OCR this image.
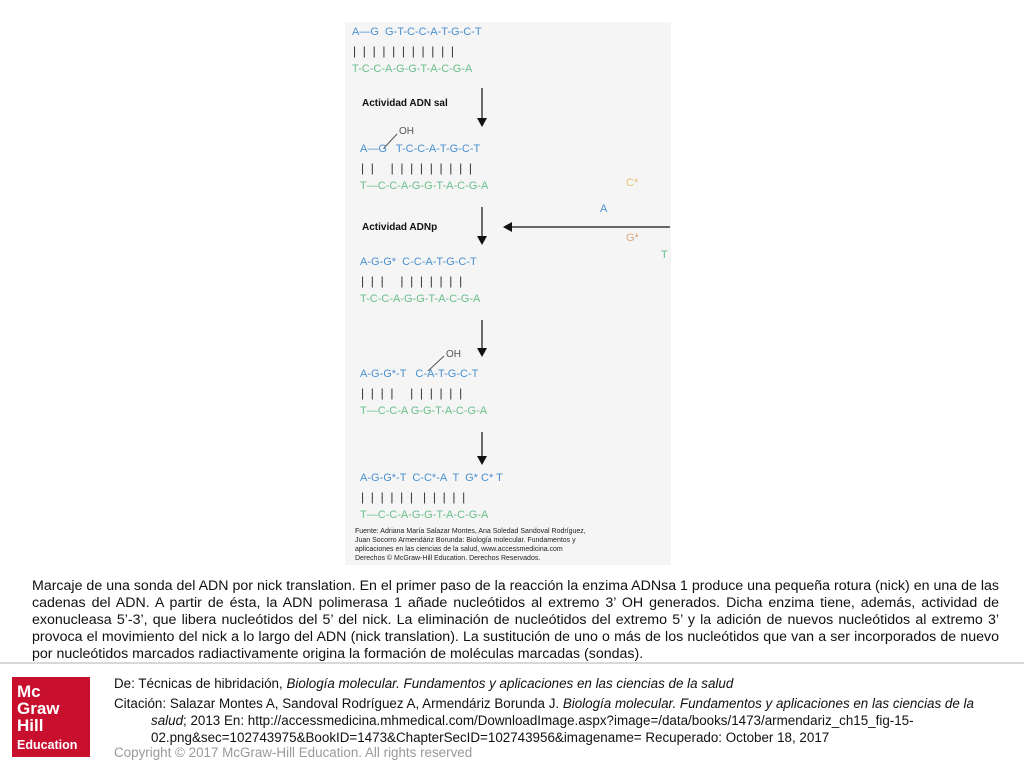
A—G  G-T-C-C-A-T-G-C-T
|  |  |  |  |  |  |  |  |  |  |
T-C-C-A-G-G-T-A-C-G-A
Actividad ADN sal
OH
A—G   T-C-C-A-T-G-C-T
|  |     |  |  |  |  |  |  |  |  |
T—C-C-A-G-G-T-A-C-G-A
Actividad ADNp
C*
A
G*
T
A-G-G*  C-C-A-T-G-C-T
|  |  |     |  |  |  |  |  |  |
T-C-C-A-G-G-T-A-C-G-A
OH
A-G-G*-T   C-A-T-G-C-T
|  |  |  |     |  |  |  |  |  |
T—C-C-A G-G-T-A-C-G-A
A-G-G*-T  C-C*-A  T  G* C* T
|  |  |  |  |  |   |  |  |  |  |
T—C-C-A-G-G-T-A-C-G-A
Fuente: Adriana María Salazar Montes, Ana Soledad Sandoval Rodríguez,
Juan Socorro Armendáriz Borunda: Biología molecular. Fundamentos y
aplicaciones en las ciencias de la salud, www.accessmedicina.com
Derechos © McGraw-Hill Education. Derechos Reservados.
Marcaje de una sonda del ADN por nick translation. En el primer paso de la reacción la enzima ADNsa 1 produce una pequeña rotura (nick) en una de las cadenas del ADN. A partir de ésta, la ADN polimerasa 1 añade nucleótidos al extremo 3’ OH generados. Dicha enzima tiene, además, actividad de exonucleasa 5’-3’, que libera nucleótidos del 5’ del nick. La eliminación de nucleótidos del extremo 5’ y la adición de nuevos nucleótidos al extremo 3’ provoca el movimiento del nick a lo largo del ADN (nick translation). La sustitución de uno o más de los nucleótidos que van a ser incorporados de nuevo por nucleótidos marcados radiactivamente origina la formación de moléculas marcadas (sondas).
Mc
Graw
Hill
Education

De: Técnicas de hibridación, Biología molecular. Fundamentos y aplicaciones en las ciencias de la salud

Citación: Salazar Montes A, Sandoval Rodríguez A, Armendáriz Borunda J. Biología molecular. Fundamentos y aplicaciones en las ciencias de la salud; 2013 En: http://accessmedicina.mhmedical.com/DownloadImage.aspx?image=/data/books/1473/armendariz_ch15_fig-15-02.png&sec=102743975&BookID=1473&ChapterSecID=102743956&imagename= Recuperado: October 18, 2017

Copyright © 2017 McGraw-Hill Education. All rights reserved
